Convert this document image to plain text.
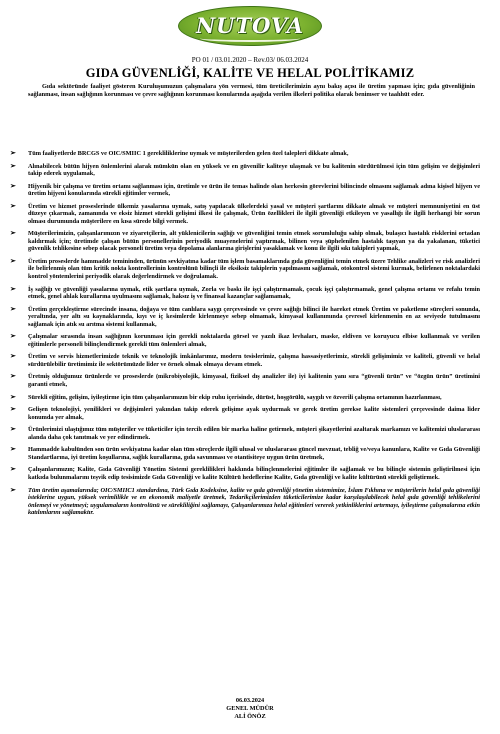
NUTOVA
PO 01 / 03.01.2020 – Rev.03/ 06.03.2024
GIDA GÜVENLİĞİ, KALİTE VE HELAL POLİTİKAMIZ
Gıda sektöründe faaliyet gösteren Kuruluşumuzun çalışmalara yön vermesi, tüm üreticilerimizin aynı bakış açısı ile üretim yapması için; gıda güvenliğinin sağlanması, insan sağlığının korunması ve çevre sağlığının korunması konularında aşağıda verilen ilkeleri politika olarak benimser ve taahhüt eder.
➢ Tüm faaliyetlerde BRCGS ve OIC/SMIIC 1 gerekliliklerine uymak ve müşterilerden gelen özel talepleri dikkate almak,
➢ Alınabilecek bütün hijyen önlemlerini alarak mümkün olan en yüksek ve en güvenilir kaliteye ulaşmak ve bu kalitenin sürdürülmesi için tüm gelişim ve değişimleri takip ederek uygulamak,
➢ Hijyenik bir çalışma ve üretim ortamı sağlanması için, üretimle ve ürün ile temas halinde olan herkesin görevlerini bilincinde olmasını sağlamak adına kişisel hijyen ve üretim hijyeni konularında sürekli eğitimler vermek,
➢ Üretim ve hizmet proseslerinde ülkemiz yasalarına uymak, satış yapılacak ülkelerdeki yasal ve müşteri şartlarını dikkate almak ve müşteri memnuniyetini en üst düzeye çıkarmak, zamanında ve eksiz hizmet sürekli gelişimi ilkesi ile çalışmak, Ürün özellikleri ile ilgili güvenliği etkileyen ve yasallığı ile ilgili herhangi bir sorun olması durumunda müşterilere en kısa sürede bilgi vermek.
➢ Müşterilerimizin, çalışanlarımızın ve ziyaretçilerin, alt yüklenicilerin sağlığı ve güvenliğini temin etmek sorumluluğu sahip olmak, bulaşıcı hastalık risklerini ortadan kaldırmak için; üretimde çalışan bütün personellerinin periyodik muayenelerini yaptırmak, bilinen veya şüphelenilen hastalık taşıyan ya da yakalanan, tüketici güvenlik tehlikesine sebep olacak personeli üretim veya depolama alanlarına girişlerini yasaklamak ve konu ile ilgili sıkı takipleri yapmak,
➢ Üretim proseslerde hammadde temininden, ürünün sevkiyatına kadar tüm işlem basamaklarında gıda güvenliğini temin etmek üzere Tehlike analizleri ve risk analizleri ile belirlenmiş olan tüm kritik nokta kontrollerinin kontrolünü bilinçli ile eksiksiz takiplerin yapılmasını sağlamak, otokontrol sistemi kurmak, belirlenen noktalardaki kontrol yöntemlerini periyodik olarak değerlendirmek ve doğrulamak.
➢ İş sağlığı ve güvenliği yasalarına uymak, etik şartlara uymak, Zorla ve baskı ile işçi çalıştırmamak, çocuk işçi çalıştırmamak, genel çalışma ortamı ve refahı temin etmek, genel ahlak kurallarına uyulmasını sağlamak, haksız iş ve finansal kazançlar sağlamamak,
➢ Üretim gerçekleştirme sürecinde insana, doğaya ve tüm canlılara saygı çerçevesinde ve çevre sağlığı bilinci ile hareket etmek Üretim ve paketleme süreçleri sonunda, yeraltında, yer altı su kaynaklarında, kıyı ve iç kesimlerde kirlenmeye sebep olmamak, kimyasal kullanımında çevresel kirlenmenin en az seviyede tutulmasını sağlamak için atık su arıtma sistemi kullanmak,
➢ Çalışmalar sırasında insan sağlığının korunması için gerekli noktalarda görsel ve yazılı ikaz levhaları, maske, eldiven ve koruyucu elbise kullanmak ve verilen eğitimlerle personeli bilinçlendirmek gerekli tüm önlemleri almak,
➢ Üretim ve servis hizmetlerimizde teknik ve teknolojik imkânlarımız, modern tesislerimiz, çalışma hassasiyetlerimiz, sürekli gelişimimiz ve kaliteli, güvenli ve helal sürdürülebilir üretimimiz ile sektörümüzde lider ve örnek olmak olmaya devam etmek.
➢ Üretmiş olduğumuz ürünlerde ve proseslerde (mikrobiyolojik, kimyasal, fiziksel dış analizler ile) iyi kalitenin yanı sıra “güvenli ürün” ve “özgün ürün” üretimini garanti etmek,
➢ Sürekli eğitim, gelişim, iyileştirme için tüm çalışanlarımızın bir ekip ruhu içerisinde, dürüst, hoşgörülü, saygılı ve özverili çalışma ortamının hazırlanması,
➢ Gelişen teknolojiyi, yenilikleri ve değişimleri yakından takip ederek gelişime ayak uydurmak ve gerek üretim gerekse kalite sistemleri çerçevesinde daima lider konumda yer almak,
➢ Ürünlerimizi ulaştığımız tüm müşteriler ve tüketiciler için tercih edilen bir marka haline getirmek, müşteri şikayetlerini azaltarak markamızı ve kalitemizi uluslararası alanda daha çok tanıtmak ve yer edindirmek.
➢ Hammadde kabulünden son ürün sevkiyatına kadar olan tüm süreçlerde ilgili ulusal ve uluslararası güncel mevzuat, tebliğ ve/veya kanunlara, Kalite ve Gıda Güvenliği Standartlarına, iyi üretim koşullarına, sağlık kurallarına, gıda savunması ve otantisiteye uygun ürün üretmek,
➢ Çalışanlarımızın; Kalite, Gıda Güvenliği Yönetim Sistemi gereklilikleri hakkında bilinçlenmelerini eğitimler ile sağlamak ve bu bilinçle sistemin geliştirilmesi için katkıda bulunmalarını teşvik edip tesisimizde Gıda Güvenliği ve kalite Kültürü hedeflerine Kalite, Gıda güvenliği ve kalite kültürünü sürekli geliştirmek.
➢ Tüm üretim aşamalarında; OIC/SMIIC1 standardına, Türk Gıda Kodeksine, kalite ve gıda güvenliği yönetim sistemimize, İslam Fıkhına ve müşterilerin helal gıda güvenliği isteklerine uygun, yüksek verimlilikle ve en ekonomik maliyetle üretmek, Tedarikçilerimizden tüketicilerimize kadar karşılaşılabilecek helal gıda güvenliği tehlikelerini önlemeyi ve yönetmeyi; uygulamaların kontrolünü ve sürekliliğini sağlamayı, Çalışanlarımıza helal eğitimleri vererek yetkinliklerini artırmayı, iyileştirme çalışmalarına etkin katılımlarını sağlamaktır.
06.03.2024
GENEL MÜDÜR
ALİ ÖNÖZ
